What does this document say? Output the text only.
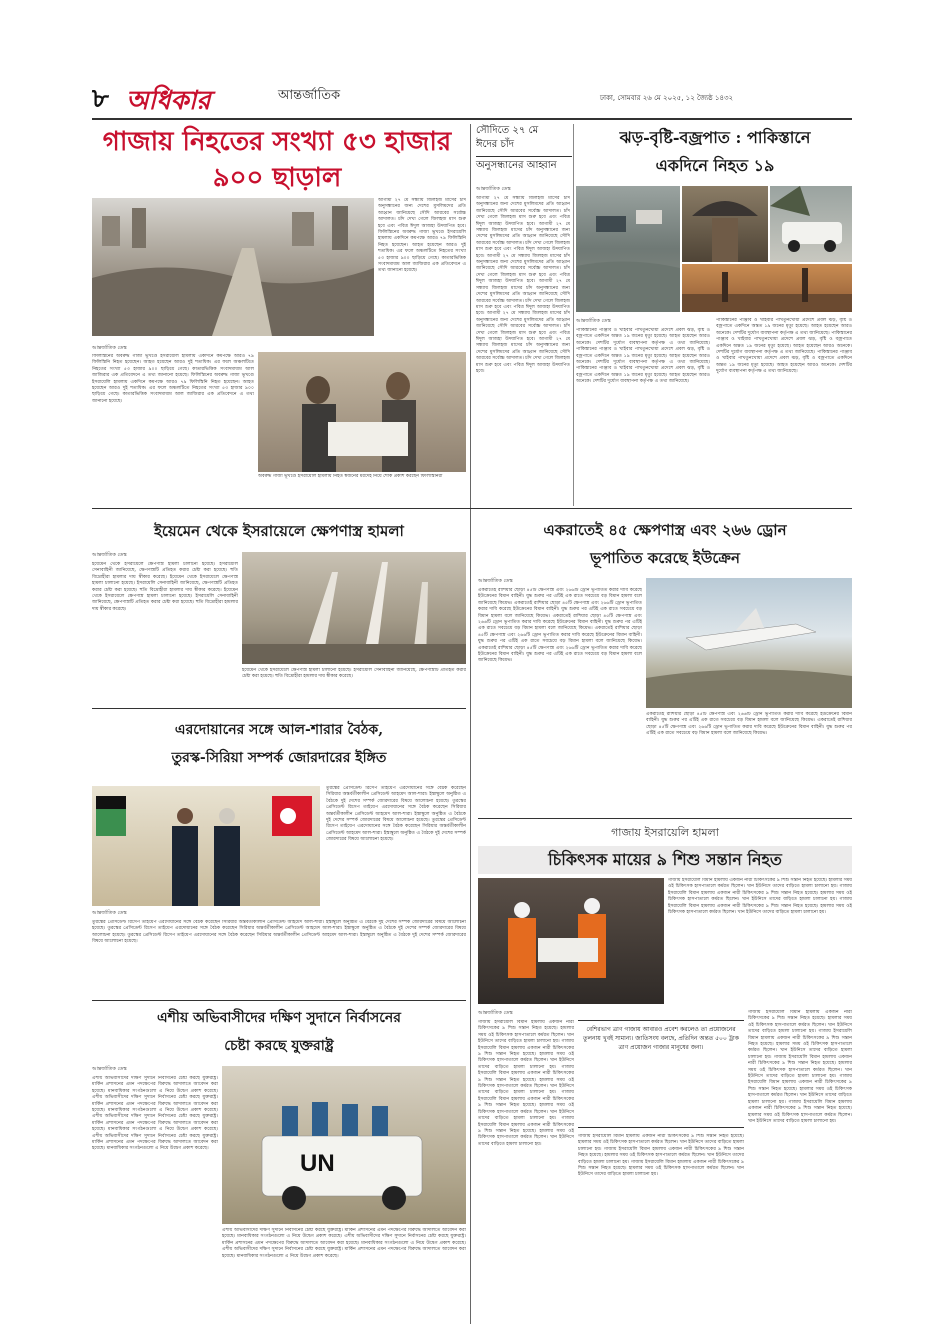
৮ অধিকার	আন্তর্জাতিক	ঢাকা, সোমবার ২৬ মে ২০২৫, ১২ জ্যৈষ্ঠ ১৪৩২
গাজায় নিহতের সংখ্যা ৫৩ হাজার
৯০০ ছাড়াল
আগামী ২৭ মে সন্ধ্যায় জিলহজ মাসের চাঁদ অনুসন্ধানের জন্য দেশের মুসলিমদের প্রতি আহ্বান জানিয়েছে সৌদি আরবের সর্বোচ্চ আদালত। চাঁদ দেখা গেলে জিলহজ মাস শুরু হবে এবং পবিত্র ঈদুল আজহা উদযাপিত হবে। ফিলিস্তিনের অবরুদ্ধ গাজা ভূখণ্ডে ইসরায়েলি হামলায় একদিনে কমপক্ষে আরও ৭৯ ফিলিস্তিনি নিহত হয়েছেন। আহত হয়েছেন আরও দুই শতাধিক। এর ফলে অঞ্চলটিতে নিহতের সংখ্যা ৫৩ হাজার ৯০০ ছাড়িয়ে গেছে। কাতারভিত্তিক সংবাদমাধ্যম আল জাজিরার এক প্রতিবেদনে এ তথ্য জানানো হয়েছে।
আন্তর্জাতিক ডেস্ক
ফিলিস্তিনের অবরুদ্ধ গাজা ভূখণ্ডে ইসরায়েলি হামলায় একদিনে কমপক্ষে আরও ৭৯ ফিলিস্তিনি নিহত হয়েছেন। আহত হয়েছেন আরও দুই শতাধিক। এর ফলে অঞ্চলটিতে নিহতের সংখ্যা ৫৩ হাজার ৯০০ ছাড়িয়ে গেছে। কাতারভিত্তিক সংবাদমাধ্যম আল জাজিরার এক প্রতিবেদনে এ তথ্য জানানো হয়েছে। ফিলিস্তিনের অবরুদ্ধ গাজা ভূখণ্ডে ইসরায়েলি হামলায় একদিনে কমপক্ষে আরও ৭৯ ফিলিস্তিনি নিহত হয়েছেন। আহত হয়েছেন আরও দুই শতাধিক। এর ফলে অঞ্চলটিতে নিহতের সংখ্যা ৫৩ হাজার ৯০০ ছাড়িয়ে গেছে। কাতারভিত্তিক সংবাদমাধ্যম আল জাজিরার এক প্রতিবেদনে এ তথ্য জানানো হয়েছে।
অবরুদ্ধ গাজা ভূখণ্ডে ইসরায়েলি হামলায় নিহত স্বজনের মরদেহ নিয়ে শোক প্রকাশ করছেন ফিলিস্তিনিরা
সৌদিতে ২৭ মে
ঈদের চাঁদ
অনুসন্ধানের আহ্বান
আন্তর্জাতিক ডেস্ক
আগামী ২৭ মে সন্ধ্যায় জিলহজ মাসের চাঁদ অনুসন্ধানের জন্য দেশের মুসলিমদের প্রতি আহ্বান জানিয়েছে সৌদি আরবের সর্বোচ্চ আদালত। চাঁদ দেখা গেলে জিলহজ মাস শুরু হবে এবং পবিত্র ঈদুল আজহা উদযাপিত হবে। আগামী ২৭ মে সন্ধ্যায় জিলহজ মাসের চাঁদ অনুসন্ধানের জন্য দেশের মুসলিমদের প্রতি আহ্বান জানিয়েছে সৌদি আরবের সর্বোচ্চ আদালত। চাঁদ দেখা গেলে জিলহজ মাস শুরু হবে এবং পবিত্র ঈদুল আজহা উদযাপিত হবে। আগামী ২৭ মে সন্ধ্যায় জিলহজ মাসের চাঁদ অনুসন্ধানের জন্য দেশের মুসলিমদের প্রতি আহ্বান জানিয়েছে সৌদি আরবের সর্বোচ্চ আদালত। চাঁদ দেখা গেলে জিলহজ মাস শুরু হবে এবং পবিত্র ঈদুল আজহা উদযাপিত হবে। আগামী ২৭ মে সন্ধ্যায় জিলহজ মাসের চাঁদ অনুসন্ধানের জন্য দেশের মুসলিমদের প্রতি আহ্বান জানিয়েছে সৌদি আরবের সর্বোচ্চ আদালত। চাঁদ দেখা গেলে জিলহজ মাস শুরু হবে এবং পবিত্র ঈদুল আজহা উদযাপিত হবে। আগামী ২৭ মে সন্ধ্যায় জিলহজ মাসের চাঁদ অনুসন্ধানের জন্য দেশের মুসলিমদের প্রতি আহ্বান জানিয়েছে সৌদি আরবের সর্বোচ্চ আদালত। চাঁদ দেখা গেলে জিলহজ মাস শুরু হবে এবং পবিত্র ঈদুল আজহা উদযাপিত হবে। আগামী ২৭ মে সন্ধ্যায় জিলহজ মাসের চাঁদ অনুসন্ধানের জন্য দেশের মুসলিমদের প্রতি আহ্বান জানিয়েছে সৌদি আরবের সর্বোচ্চ আদালত। চাঁদ দেখা গেলে জিলহজ মাস শুরু হবে এবং পবিত্র ঈদুল আজহা উদযাপিত হবে।
ঝড়-বৃষ্টি-বজ্রপাত : পাকিস্তানে
একদিনে নিহত ১৯
আন্তর্জাতিক ডেস্ক
পাকিস্তানের পাঞ্জাব ও খাইবার পাখতুনখোয়া প্রদেশে প্রবল ঝড়, বৃষ্টি ও বজ্রপাতে একদিনে অন্তত ১৯ জনের মৃত্যু হয়েছে। আহত হয়েছেন আরও অনেকে। দেশটির দুর্যোগ ব্যবস্থাপনা কর্তৃপক্ষ এ তথ্য জানিয়েছে। পাকিস্তানের পাঞ্জাব ও খাইবার পাখতুনখোয়া প্রদেশে প্রবল ঝড়, বৃষ্টি ও বজ্রপাতে একদিনে অন্তত ১৯ জনের মৃত্যু হয়েছে। আহত হয়েছেন আরও অনেকে। দেশটির দুর্যোগ ব্যবস্থাপনা কর্তৃপক্ষ এ তথ্য জানিয়েছে। পাকিস্তানের পাঞ্জাব ও খাইবার পাখতুনখোয়া প্রদেশে প্রবল ঝড়, বৃষ্টি ও বজ্রপাতে একদিনে অন্তত ১৯ জনের মৃত্যু হয়েছে। আহত হয়েছেন আরও অনেকে। দেশটির দুর্যোগ ব্যবস্থাপনা কর্তৃপক্ষ এ তথ্য জানিয়েছে।
পাকিস্তানের পাঞ্জাব ও খাইবার পাখতুনখোয়া প্রদেশে প্রবল ঝড়, বৃষ্টি ও বজ্রপাতে একদিনে অন্তত ১৯ জনের মৃত্যু হয়েছে। আহত হয়েছেন আরও অনেকে। দেশটির দুর্যোগ ব্যবস্থাপনা কর্তৃপক্ষ এ তথ্য জানিয়েছে। পাকিস্তানের পাঞ্জাব ও খাইবার পাখতুনখোয়া প্রদেশে প্রবল ঝড়, বৃষ্টি ও বজ্রপাতে একদিনে অন্তত ১৯ জনের মৃত্যু হয়েছে। আহত হয়েছেন আরও অনেকে। দেশটির দুর্যোগ ব্যবস্থাপনা কর্তৃপক্ষ এ তথ্য জানিয়েছে। পাকিস্তানের পাঞ্জাব ও খাইবার পাখতুনখোয়া প্রদেশে প্রবল ঝড়, বৃষ্টি ও বজ্রপাতে একদিনে অন্তত ১৯ জনের মৃত্যু হয়েছে। আহত হয়েছেন আরও অনেকে। দেশটির দুর্যোগ ব্যবস্থাপনা কর্তৃপক্ষ এ তথ্য জানিয়েছে।
ইয়েমেন থেকে ইসরায়েলে ক্ষেপণাস্ত্র হামলা
আন্তর্জাতিক ডেস্ক
ইয়েমেন থেকে ইসরায়েলে ক্ষেপণাস্ত্র হামলা চালানো হয়েছে। ইসরায়েলি সেনাবাহিনী জানিয়েছে, ক্ষেপণাস্ত্রটি প্রতিহত করার চেষ্টা করা হয়েছে। হুতি বিদ্রোহীরা হামলার দায় স্বীকার করেছে। ইয়েমেন থেকে ইসরায়েলে ক্ষেপণাস্ত্র হামলা চালানো হয়েছে। ইসরায়েলি সেনাবাহিনী জানিয়েছে, ক্ষেপণাস্ত্রটি প্রতিহত করার চেষ্টা করা হয়েছে। হুতি বিদ্রোহীরা হামলার দায় স্বীকার করেছে। ইয়েমেন থেকে ইসরায়েলে ক্ষেপণাস্ত্র হামলা চালানো হয়েছে। ইসরায়েলি সেনাবাহিনী জানিয়েছে, ক্ষেপণাস্ত্রটি প্রতিহত করার চেষ্টা করা হয়েছে। হুতি বিদ্রোহীরা হামলার দায় স্বীকার করেছে।
ইয়েমেন থেকে ইসরায়েলে ক্ষেপণাস্ত্র হামলা চালানো হয়েছে। ইসরায়েলি সেনাবাহিনী জানিয়েছে, ক্ষেপণাস্ত্রটি প্রতিহত করার চেষ্টা করা হয়েছে। হুতি বিদ্রোহীরা হামলার দায় স্বীকার করেছে।
একরাতেই ৪৫ ক্ষেপণাস্ত্র এবং ২৬৬ ড্রোন
ভূপাতিত করেছে ইউক্রেন
আন্তর্জাতিক ডেস্ক
একরাতেই রাশিয়ার ছোড়া ৪৫টি ক্ষেপণাস্ত্র এবং ২৬৬টি ড্রোন ভূপাতিত করার দাবি করেছে ইউক্রেনের বিমান বাহিনী। যুদ্ধ শুরুর পর এটিই এক রাতে সবচেয়ে বড় বিমান হামলা বলে জানিয়েছে কিয়েভ। একরাতেই রাশিয়ার ছোড়া ৪৫টি ক্ষেপণাস্ত্র এবং ২৬৬টি ড্রোন ভূপাতিত করার দাবি করেছে ইউক্রেনের বিমান বাহিনী। যুদ্ধ শুরুর পর এটিই এক রাতে সবচেয়ে বড় বিমান হামলা বলে জানিয়েছে কিয়েভ। একরাতেই রাশিয়ার ছোড়া ৪৫টি ক্ষেপণাস্ত্র এবং ২৬৬টি ড্রোন ভূপাতিত করার দাবি করেছে ইউক্রেনের বিমান বাহিনী। যুদ্ধ শুরুর পর এটিই এক রাতে সবচেয়ে বড় বিমান হামলা বলে জানিয়েছে কিয়েভ। একরাতেই রাশিয়ার ছোড়া ৪৫টি ক্ষেপণাস্ত্র এবং ২৬৬টি ড্রোন ভূপাতিত করার দাবি করেছে ইউক্রেনের বিমান বাহিনী। যুদ্ধ শুরুর পর এটিই এক রাতে সবচেয়ে বড় বিমান হামলা বলে জানিয়েছে কিয়েভ। একরাতেই রাশিয়ার ছোড়া ৪৫টি ক্ষেপণাস্ত্র এবং ২৬৬টি ড্রোন ভূপাতিত করার দাবি করেছে ইউক্রেনের বিমান বাহিনী। যুদ্ধ শুরুর পর এটিই এক রাতে সবচেয়ে বড় বিমান হামলা বলে জানিয়েছে কিয়েভ।
একরাতেই রাশিয়ার ছোড়া ৪৫টি ক্ষেপণাস্ত্র এবং ২৬৬টি ড্রোন ভূপাতিত করার দাবি করেছে ইউক্রেনের বিমান বাহিনী। যুদ্ধ শুরুর পর এটিই এক রাতে সবচেয়ে বড় বিমান হামলা বলে জানিয়েছে কিয়েভ। একরাতেই রাশিয়ার ছোড়া ৪৫টি ক্ষেপণাস্ত্র এবং ২৬৬টি ড্রোন ভূপাতিত করার দাবি করেছে ইউক্রেনের বিমান বাহিনী। যুদ্ধ শুরুর পর এটিই এক রাতে সবচেয়ে বড় বিমান হামলা বলে জানিয়েছে কিয়েভ।
এরদোয়ানের সঙ্গে আল-শারার বৈঠক,
তুরস্ক-সিরিয়া সম্পর্ক জোরদারের ইঙ্গিত
তুরস্কের প্রেসিডেন্ট রিসেপ তাইয়েপ এরদোয়ানের সঙ্গে বৈঠক করেছেন সিরিয়ার অন্তর্বর্তীকালীন প্রেসিডেন্ট আহমেদ আল-শারা। ইস্তাম্বুলে অনুষ্ঠিত এ বৈঠকে দুই দেশের সম্পর্ক জোরদারের বিষয়ে আলোচনা হয়েছে। তুরস্কের প্রেসিডেন্ট রিসেপ তাইয়েপ এরদোয়ানের সঙ্গে বৈঠক করেছেন সিরিয়ার অন্তর্বর্তীকালীন প্রেসিডেন্ট আহমেদ আল-শারা। ইস্তাম্বুলে অনুষ্ঠিত এ বৈঠকে দুই দেশের সম্পর্ক জোরদারের বিষয়ে আলোচনা হয়েছে। তুরস্কের প্রেসিডেন্ট রিসেপ তাইয়েপ এরদোয়ানের সঙ্গে বৈঠক করেছেন সিরিয়ার অন্তর্বর্তীকালীন প্রেসিডেন্ট আহমেদ আল-শারা। ইস্তাম্বুলে অনুষ্ঠিত এ বৈঠকে দুই দেশের সম্পর্ক জোরদারের বিষয়ে আলোচনা হয়েছে।
আন্তর্জাতিক ডেস্ক
তুরস্কের প্রেসিডেন্ট রিসেপ তাইয়েপ এরদোয়ানের সঙ্গে বৈঠক করেছেন সিরিয়ার অন্তর্বর্তীকালীন প্রেসিডেন্ট আহমেদ আল-শারা। ইস্তাম্বুলে অনুষ্ঠিত এ বৈঠকে দুই দেশের সম্পর্ক জোরদারের বিষয়ে আলোচনা হয়েছে। তুরস্কের প্রেসিডেন্ট রিসেপ তাইয়েপ এরদোয়ানের সঙ্গে বৈঠক করেছেন সিরিয়ার অন্তর্বর্তীকালীন প্রেসিডেন্ট আহমেদ আল-শারা। ইস্তাম্বুলে অনুষ্ঠিত এ বৈঠকে দুই দেশের সম্পর্ক জোরদারের বিষয়ে আলোচনা হয়েছে। তুরস্কের প্রেসিডেন্ট রিসেপ তাইয়েপ এরদোয়ানের সঙ্গে বৈঠক করেছেন সিরিয়ার অন্তর্বর্তীকালীন প্রেসিডেন্ট আহমেদ আল-শারা। ইস্তাম্বুলে অনুষ্ঠিত এ বৈঠকে দুই দেশের সম্পর্ক জোরদারের বিষয়ে আলোচনা হয়েছে।
গাজায় ইসরায়েলি হামলা
চিকিৎসক মায়ের ৯ শিশু সন্তান নিহত
গাজায় ইসরায়েলি বিমান হামলায় একজন নারী চিকিৎসকের ৯ শিশু সন্তান নিহত হয়েছে। হামলার সময় ওই চিকিৎসক হাসপাতালে কর্মরত ছিলেন। খান ইউনিসে তাদের বাড়িতে হামলা চালানো হয়। গাজায় ইসরায়েলি বিমান হামলায় একজন নারী চিকিৎসকের ৯ শিশু সন্তান নিহত হয়েছে। হামলার সময় ওই চিকিৎসক হাসপাতালে কর্মরত ছিলেন। খান ইউনিসে তাদের বাড়িতে হামলা চালানো হয়। গাজায় ইসরায়েলি বিমান হামলায় একজন নারী চিকিৎসকের ৯ শিশু সন্তান নিহত হয়েছে। হামলার সময় ওই চিকিৎসক হাসপাতালে কর্মরত ছিলেন। খান ইউনিসে তাদের বাড়িতে হামলা চালানো হয়।
আন্তর্জাতিক ডেস্ক
গাজায় ইসরায়েলি বিমান হামলায় একজন নারী চিকিৎসকের ৯ শিশু সন্তান নিহত হয়েছে। হামলার সময় ওই চিকিৎসক হাসপাতালে কর্মরত ছিলেন। খান ইউনিসে তাদের বাড়িতে হামলা চালানো হয়। গাজায় ইসরায়েলি বিমান হামলায় একজন নারী চিকিৎসকের ৯ শিশু সন্তান নিহত হয়েছে। হামলার সময় ওই চিকিৎসক হাসপাতালে কর্মরত ছিলেন। খান ইউনিসে তাদের বাড়িতে হামলা চালানো হয়। গাজায় ইসরায়েলি বিমান হামলায় একজন নারী চিকিৎসকের ৯ শিশু সন্তান নিহত হয়েছে। হামলার সময় ওই চিকিৎসক হাসপাতালে কর্মরত ছিলেন। খান ইউনিসে তাদের বাড়িতে হামলা চালানো হয়। গাজায় ইসরায়েলি বিমান হামলায় একজন নারী চিকিৎসকের ৯ শিশু সন্তান নিহত হয়েছে। হামলার সময় ওই চিকিৎসক হাসপাতালে কর্মরত ছিলেন। খান ইউনিসে তাদের বাড়িতে হামলা চালানো হয়। গাজায় ইসরায়েলি বিমান হামলায় একজন নারী চিকিৎসকের ৯ শিশু সন্তান নিহত হয়েছে। হামলার সময় ওই চিকিৎসক হাসপাতালে কর্মরত ছিলেন। খান ইউনিসে তাদের বাড়িতে হামলা চালানো হয়।
বেশিরভাগ ত্রাণ গাজায় আবারও প্রবেশ করলেও তা প্রয়োজনের তুলনায় খুবই সামান্য। জাতিসংঘ বলছে, প্রতিদিন অন্তত ৫০০ ট্রাক ত্রাণ প্রয়োজন গাজার মানুষের জন্য।
গাজায় ইসরায়েলি বিমান হামলায় একজন নারী চিকিৎসকের ৯ শিশু সন্তান নিহত হয়েছে। হামলার সময় ওই চিকিৎসক হাসপাতালে কর্মরত ছিলেন। খান ইউনিসে তাদের বাড়িতে হামলা চালানো হয়। গাজায় ইসরায়েলি বিমান হামলায় একজন নারী চিকিৎসকের ৯ শিশু সন্তান নিহত হয়েছে। হামলার সময় ওই চিকিৎসক হাসপাতালে কর্মরত ছিলেন। খান ইউনিসে তাদের বাড়িতে হামলা চালানো হয়। গাজায় ইসরায়েলি বিমান হামলায় একজন নারী চিকিৎসকের ৯ শিশু সন্তান নিহত হয়েছে। হামলার সময় ওই চিকিৎসক হাসপাতালে কর্মরত ছিলেন। খান ইউনিসে তাদের বাড়িতে হামলা চালানো হয়।
গাজায় ইসরায়েলি বিমান হামলায় একজন নারী চিকিৎসকের ৯ শিশু সন্তান নিহত হয়েছে। হামলার সময় ওই চিকিৎসক হাসপাতালে কর্মরত ছিলেন। খান ইউনিসে তাদের বাড়িতে হামলা চালানো হয়। গাজায় ইসরায়েলি বিমান হামলায় একজন নারী চিকিৎসকের ৯ শিশু সন্তান নিহত হয়েছে। হামলার সময় ওই চিকিৎসক হাসপাতালে কর্মরত ছিলেন। খান ইউনিসে তাদের বাড়িতে হামলা চালানো হয়। গাজায় ইসরায়েলি বিমান হামলায় একজন নারী চিকিৎসকের ৯ শিশু সন্তান নিহত হয়েছে। হামলার সময় ওই চিকিৎসক হাসপাতালে কর্মরত ছিলেন। খান ইউনিসে তাদের বাড়িতে হামলা চালানো হয়। গাজায় ইসরায়েলি বিমান হামলায় একজন নারী চিকিৎসকের ৯ শিশু সন্তান নিহত হয়েছে। হামলার সময় ওই চিকিৎসক হাসপাতালে কর্মরত ছিলেন। খান ইউনিসে তাদের বাড়িতে হামলা চালানো হয়। গাজায় ইসরায়েলি বিমান হামলায় একজন নারী চিকিৎসকের ৯ শিশু সন্তান নিহত হয়েছে। হামলার সময় ওই চিকিৎসক হাসপাতালে কর্মরত ছিলেন। খান ইউনিসে তাদের বাড়িতে হামলা চালানো হয়।
এশীয় অভিবাসীদের দক্ষিণ সুদানে নির্বাসনের
চেষ্টা করছে যুক্তরাষ্ট্র
আন্তর্জাতিক ডেস্ক
এশীয় অভিবাসীদের দক্ষিণ সুদানে নির্বাসনের চেষ্টা করছে যুক্তরাষ্ট্র। মার্কিন প্রশাসনের এমন পদক্ষেপের বিরুদ্ধে আদালতে আবেদন করা হয়েছে। মানবাধিকার সংগঠনগুলো এ নিয়ে উদ্বেগ প্রকাশ করেছে। এশীয় অভিবাসীদের দক্ষিণ সুদানে নির্বাসনের চেষ্টা করছে যুক্তরাষ্ট্র। মার্কিন প্রশাসনের এমন পদক্ষেপের বিরুদ্ধে আদালতে আবেদন করা হয়েছে। মানবাধিকার সংগঠনগুলো এ নিয়ে উদ্বেগ প্রকাশ করেছে। এশীয় অভিবাসীদের দক্ষিণ সুদানে নির্বাসনের চেষ্টা করছে যুক্তরাষ্ট্র। মার্কিন প্রশাসনের এমন পদক্ষেপের বিরুদ্ধে আদালতে আবেদন করা হয়েছে। মানবাধিকার সংগঠনগুলো এ নিয়ে উদ্বেগ প্রকাশ করেছে। এশীয় অভিবাসীদের দক্ষিণ সুদানে নির্বাসনের চেষ্টা করছে যুক্তরাষ্ট্র। মার্কিন প্রশাসনের এমন পদক্ষেপের বিরুদ্ধে আদালতে আবেদন করা হয়েছে। মানবাধিকার সংগঠনগুলো এ নিয়ে উদ্বেগ প্রকাশ করেছে।
UN
এশীয় অভিবাসীদের দক্ষিণ সুদানে নির্বাসনের চেষ্টা করছে যুক্তরাষ্ট্র। মার্কিন প্রশাসনের এমন পদক্ষেপের বিরুদ্ধে আদালতে আবেদন করা হয়েছে। মানবাধিকার সংগঠনগুলো এ নিয়ে উদ্বেগ প্রকাশ করেছে। এশীয় অভিবাসীদের দক্ষিণ সুদানে নির্বাসনের চেষ্টা করছে যুক্তরাষ্ট্র। মার্কিন প্রশাসনের এমন পদক্ষেপের বিরুদ্ধে আদালতে আবেদন করা হয়েছে। মানবাধিকার সংগঠনগুলো এ নিয়ে উদ্বেগ প্রকাশ করেছে। এশীয় অভিবাসীদের দক্ষিণ সুদানে নির্বাসনের চেষ্টা করছে যুক্তরাষ্ট্র। মার্কিন প্রশাসনের এমন পদক্ষেপের বিরুদ্ধে আদালতে আবেদন করা হয়েছে। মানবাধিকার সংগঠনগুলো এ নিয়ে উদ্বেগ প্রকাশ করেছে।
